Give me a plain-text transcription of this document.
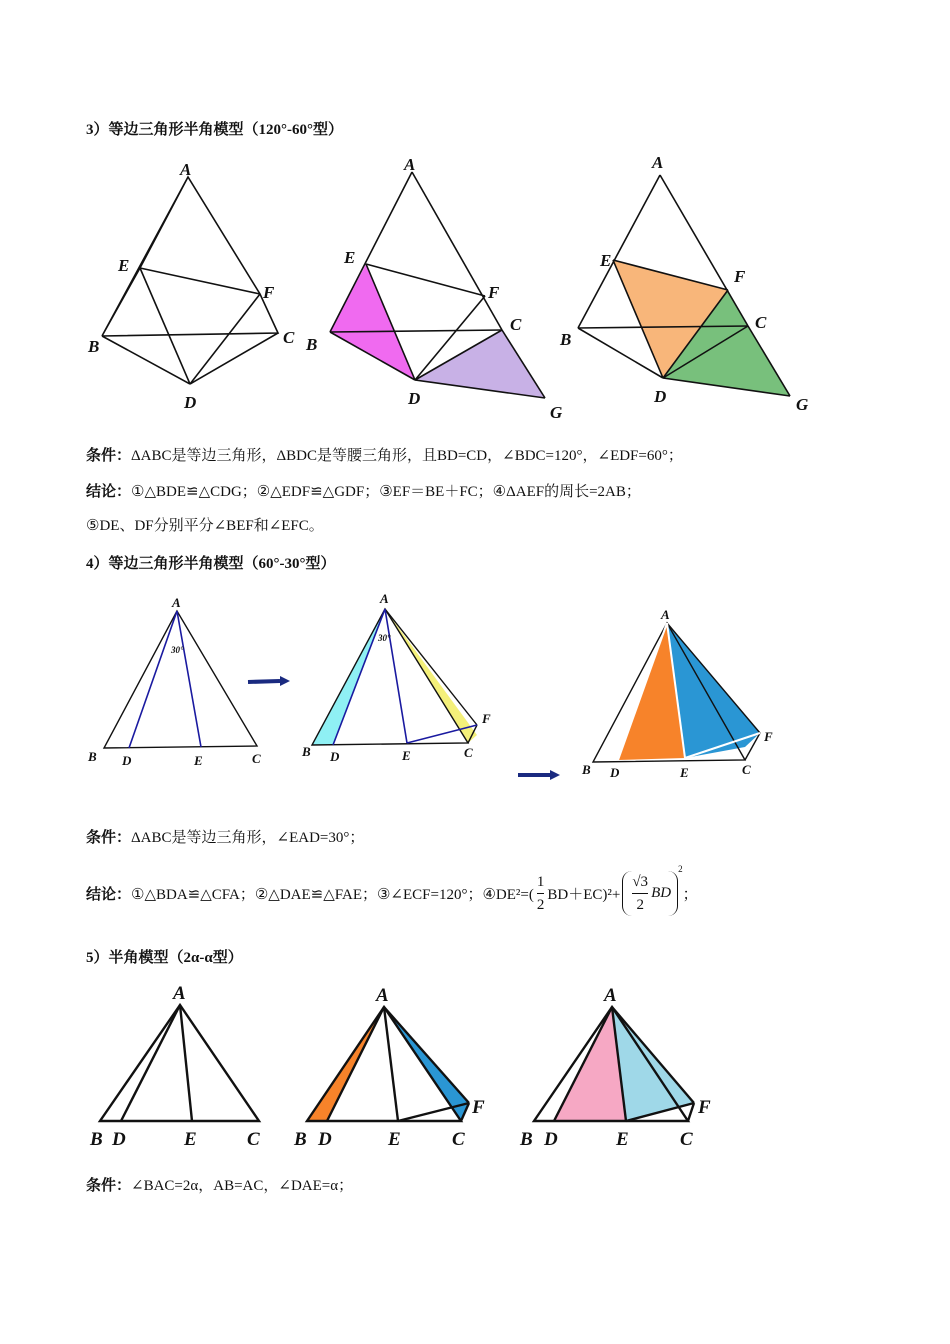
3）等边三角形半角模型（120°-60°型）
A
E
F
C
B
D
A
E
F
C
B
D
G
A
E
F
C
B
D	G
条件：ΔABC是等边三角形，ΔBDC是等腰三角形，且BD=CD，∠BDC=120°，∠EDF=60°；
结论：①△BDE≌△CDG；②△EDF≌△GDF；③EF＝BE＋FC；④ΔAEF的周长=2AB；
⑤DE、DF分别平分∠BEF和∠EFC。
4）等边三角形半角模型（60°-30°型）
A
B D	E	C
30°
A
B D	E	C
F
30°
A
B D	E	C
F
条件：ΔABC是等边三角形，∠EAD=30°；
结论： ①△BDA≌△CFA；②△DAE≌△FAE；③∠ECF=120°；④DE²=( $\frac{1}{2} BD+EC)^2+ \frac{√3}{2}$ BD
$^2$
；
5）半角模型（2α-α型）
A
B D	E	C
A
B D	E	C
F
A
B D	E	C
F
条件：∠BAC=2α，AB=AC，∠DAE=α；
